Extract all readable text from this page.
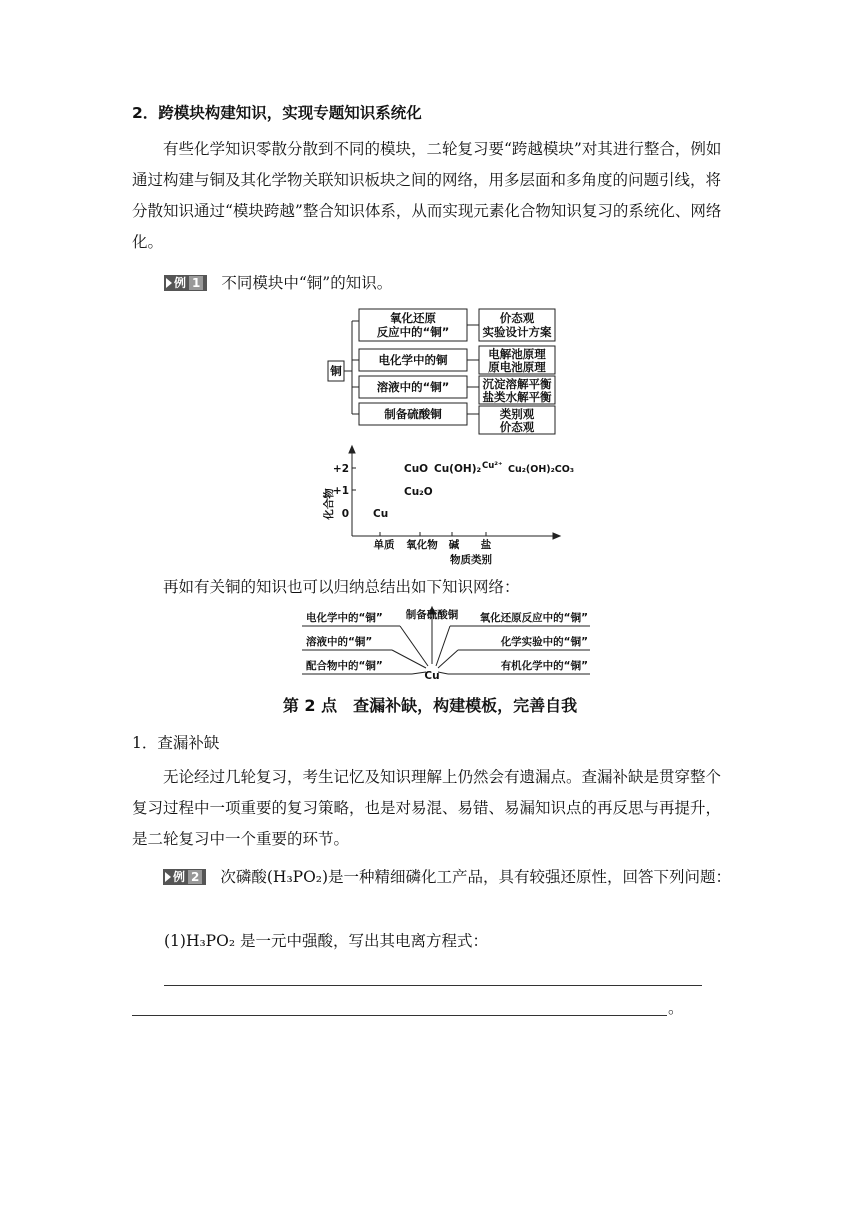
2．跨模块构建知识，实现专题知识系统化

有些化学知识零散分散到不同的模块，二轮复习要“跨越模块”对其进行整合，例如通过构建与铜及其化学物关联知识板块之间的网络，用多层面和多角度的问题引线，将分散知识通过“模块跨越”整合知识体系，从而实现元素化合物知识复习的系统化、网络化。

例 1 不同模块中“铜”的知识。

铜
氧化还原
反应中的“铜”
电化学中的铜
溶液中的“铜”
制备硫酸铜
价态观
实验设计方案
电解池原理
原电池原理
沉淀溶解平衡
盐类水解平衡
类别观
价态观
化合物
+2
+1
0
CuO Cu(OH)₂ Cu²⁺ Cu₂(OH)₂CO₃
Cu₂O
Cu
单质 氧化物 碱 盐
物质类别

再如有关铜的知识也可以归纳总结出如下知识网络：

电化学中的“铜”
溶液中的“铜”
配合物中的“铜”
氧化还原反应中的“铜”
化学实验中的“铜”
有机化学中的“铜”
制备硫酸铜
Cu
第 2 点　查漏补缺，构建模板，完善自我

1．查漏补缺

无论经过几轮复习，考生记忆及知识理解上仍然会有遗漏点。查漏补缺是贯穿整个复习过程中一项重要的复习策略，也是对易混、易错、易漏知识点的再反思与再提升，是二轮复习中一个重要的环节。

例 2 次磷酸(H₃PO₂)是一种精细磷化工产品，具有较强还原性，回答下列问题：

(1)H₃PO₂ 是一元中强酸，写出其电离方程式：

。
